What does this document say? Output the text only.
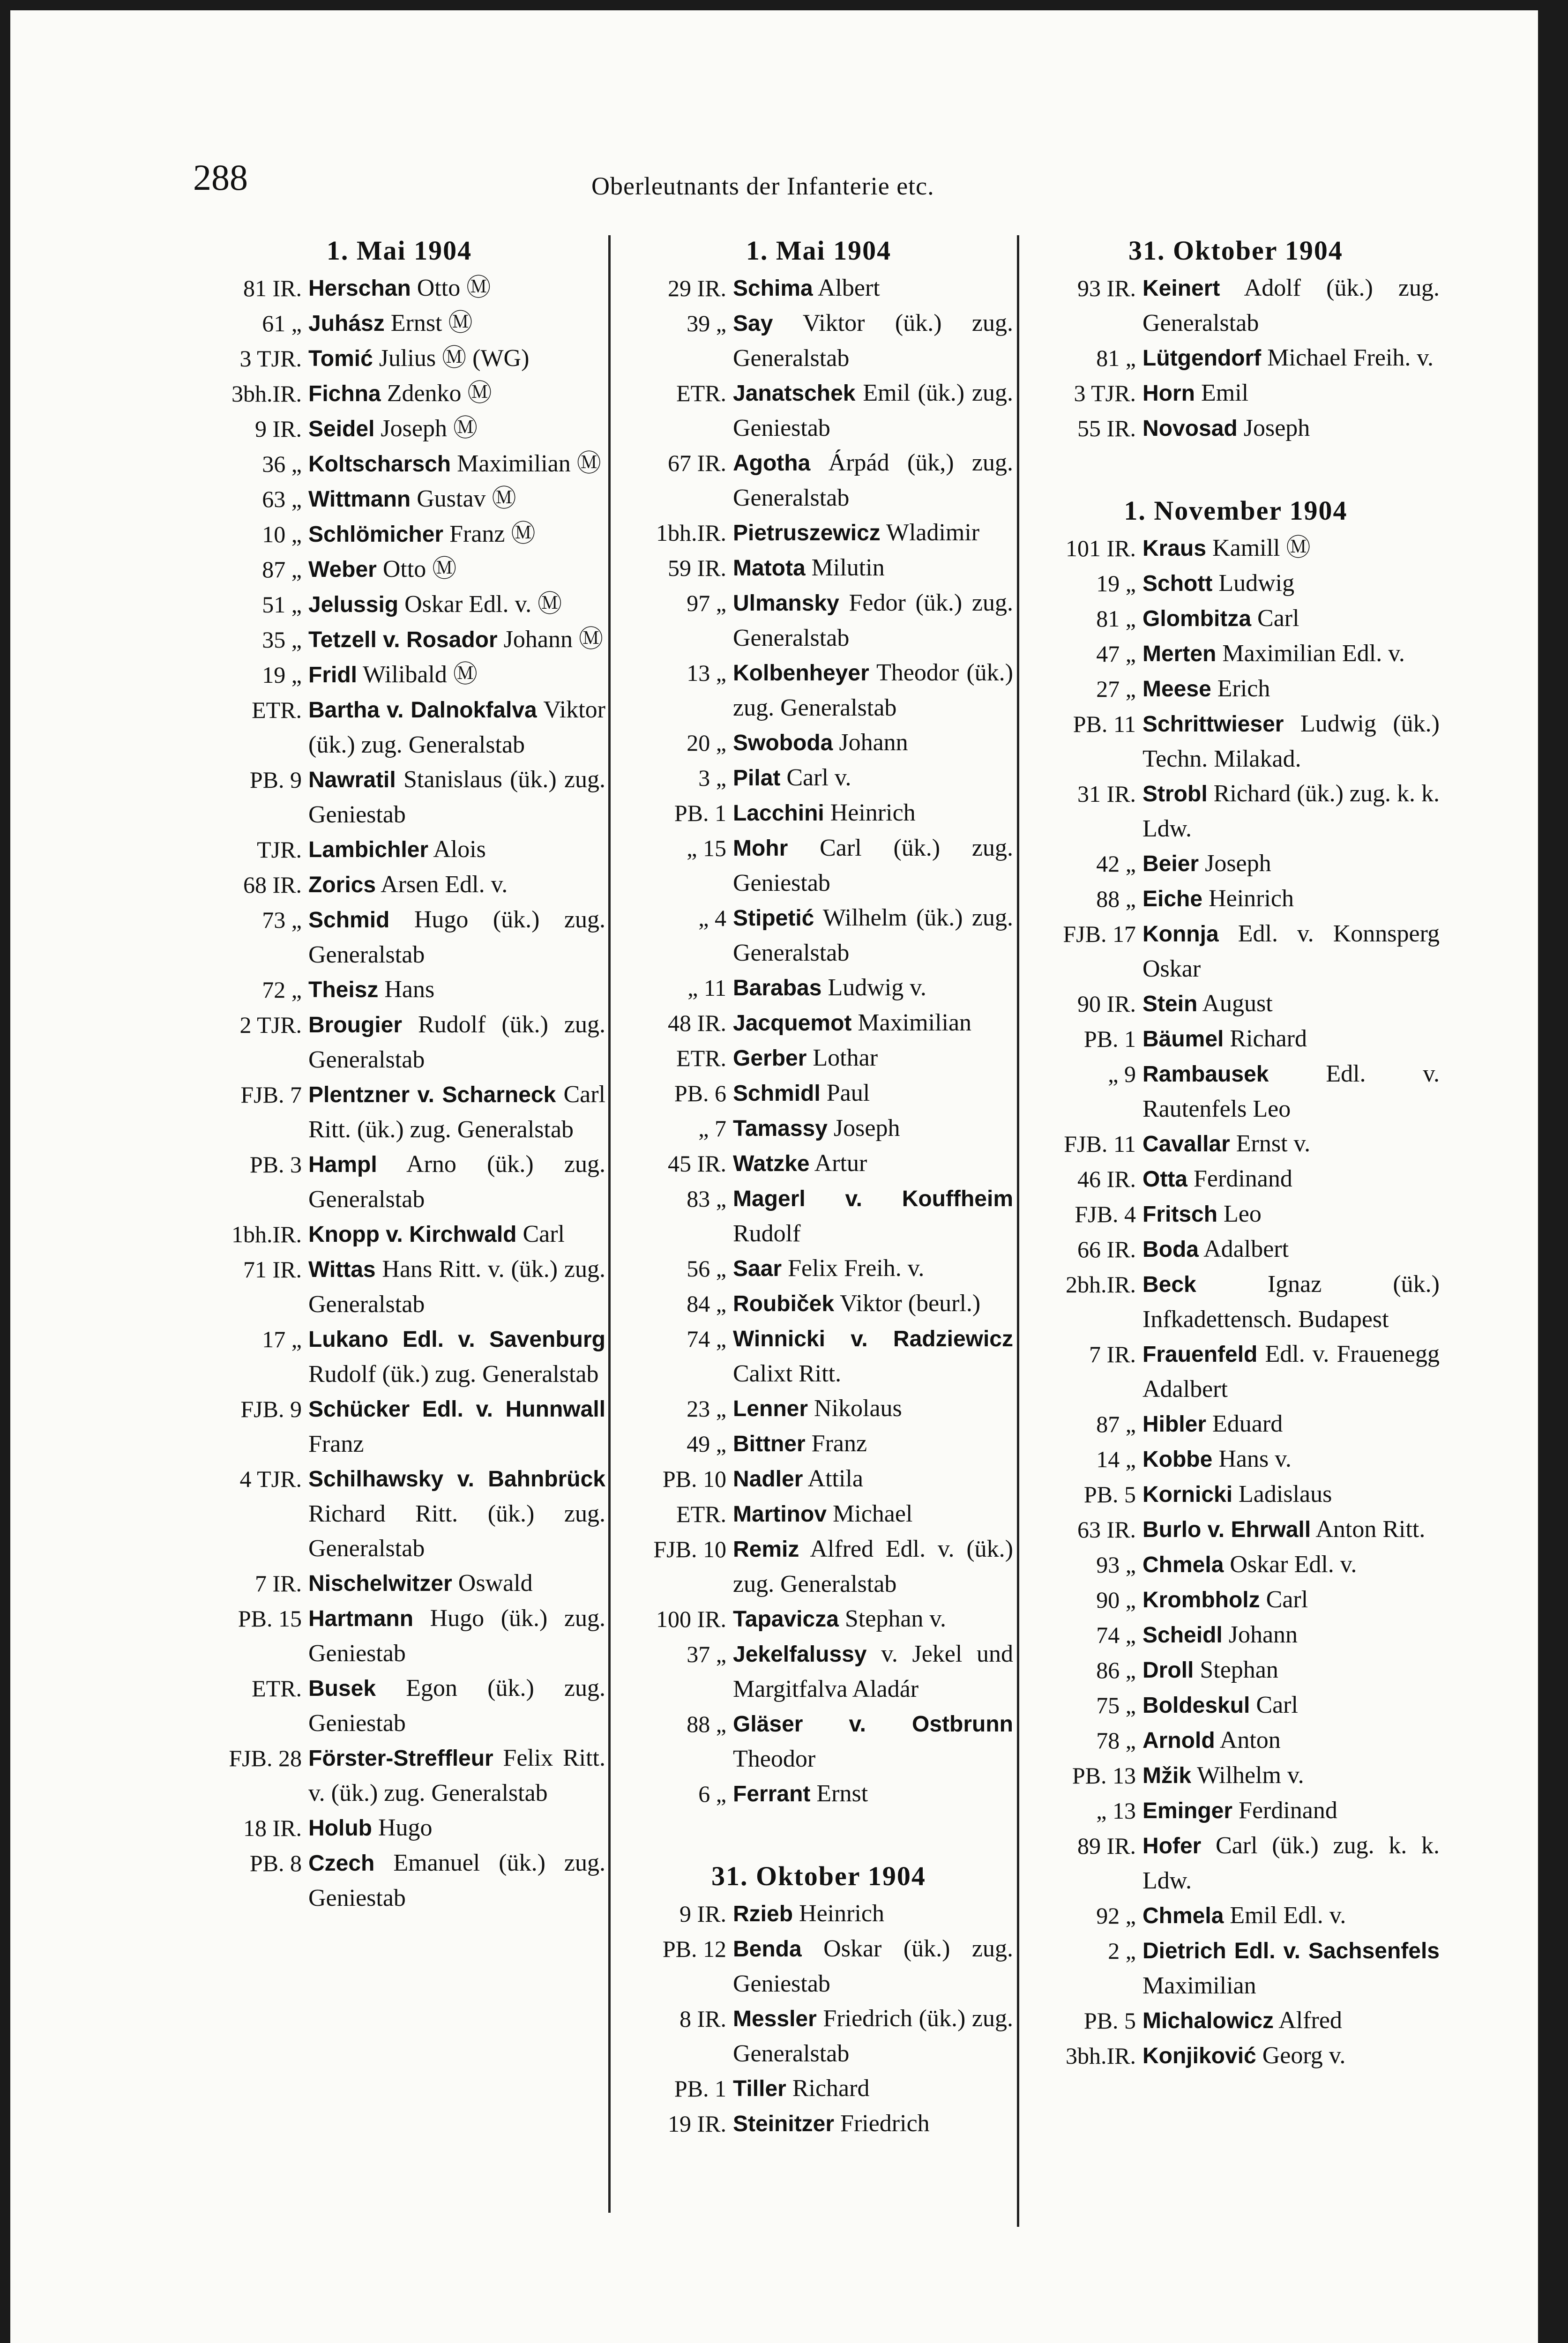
288	Oberleutnants der Infanterie etc.
1. Mai 1904
81 IR. Herschan Otto Ⓜ
61 „ Juhász Ernst Ⓜ
3 TJR. Tomić Julius Ⓜ (WG)
3bh.IR. Fichna Zdenko Ⓜ
9 IR. Seidel Joseph Ⓜ
36 „ Koltscharsch Maximilian Ⓜ
63 „ Wittmann Gustav Ⓜ
10 „ Schlömicher Franz Ⓜ
87 „ Weber Otto Ⓜ
51 „ Jelussig Oskar Edl. v. Ⓜ
35 „ Tetzell v. Rosador Johann Ⓜ
19 „ Fridl Wilibald Ⓜ
ETR. Bartha v. Dalnokfalva Viktor (ük.) zug. Generalstab
PB. 9 Nawratil Stanislaus (ük.) zug. Geniestab
TJR. Lambichler Alois
68 IR. Zorics Arsen Edl. v.
73 „ Schmid Hugo (ük.) zug. Generalstab
72 „ Theisz Hans
2 TJR. Brougier Rudolf (ük.) zug. Generalstab
FJB. 7 Plentzner v. Scharneck Carl Ritt. (ük.) zug. Generalstab
PB. 3 Hampl Arno (ük.) zug. Generalstab
1bh.IR. Knopp v. Kirchwald Carl
71 IR. Wittas Hans Ritt. v. (ük.) zug. Generalstab
17 „ Lukano Edl. v. Savenburg Rudolf (ük.) zug. Generalstab
FJB. 9 Schücker Edl. v. Hunnwall Franz
4 TJR. Schilhawsky v. Bahnbrück Richard Ritt. (ük.) zug. Generalstab
7 IR. Nischelwitzer Oswald
PB. 15 Hartmann Hugo (ük.) zug. Geniestab
ETR. Busek Egon (ük.) zug. Geniestab
FJB. 28 Förster-Streffleur Felix Ritt. v. (ük.) zug. Generalstab
18 IR. Holub Hugo
PB. 8 Czech Emanuel (ük.) zug. Geniestab
1. Mai 1904
29 IR. Schima Albert
39 „ Say Viktor (ük.) zug. Generalstab
ETR. Janatschek Emil (ük.) zug. Geniestab
67 IR. Agotha Árpád (ük,) zug. Generalstab
1bh.IR. Pietruszewicz Wladimir
59 IR. Matota Milutin
97 „ Ulmansky Fedor (ük.) zug. Generalstab
13 „ Kolbenheyer Theodor (ük.) zug. Generalstab
20 „ Swoboda Johann
3 „ Pilat Carl v.
PB. 1 Lacchini Heinrich
„ 15 Mohr Carl (ük.) zug. Geniestab
„ 4 Stipetić Wilhelm (ük.) zug. Generalstab
„ 11 Barabas Ludwig v.
48 IR. Jacquemot Maximilian
ETR. Gerber Lothar
PB. 6 Schmidl Paul
„ 7 Tamassy Joseph
45 IR. Watzke Artur
83 „ Magerl v. Kouffheim Rudolf
56 „ Saar Felix Freih. v.
84 „ Roubiček Viktor (beurl.)
74 „ Winnicki v. Radziewicz Calixt Ritt.
23 „ Lenner Nikolaus
49 „ Bittner Franz
PB. 10 Nadler Attila
ETR. Martinov Michael
FJB. 10 Remiz Alfred Edl. v. (ük.) zug. Generalstab
100 IR. Tapavicza Stephan v.
37 „ Jekelfalussy v. Jekel und Margitfalva Aladár
88 „ Gläser v. Ostbrunn Theodor
6 „ Ferrant Ernst
31. Oktober 1904
9 IR. Rzieb Heinrich
PB. 12 Benda Oskar (ük.) zug. Geniestab
8 IR. Messler Friedrich (ük.) zug. Generalstab
PB. 1 Tiller Richard
19 IR. Steinitzer Friedrich
31. Oktober 1904
93 IR. Keinert Adolf (ük.) zug. Generalstab
81 „ Lütgendorf Michael Freih. v.
3 TJR. Horn Emil
55 IR. Novosad Joseph
1. November 1904
101 IR. Kraus Kamill Ⓜ
19 „ Schott Ludwig
81 „ Glombitza Carl
47 „ Merten Maximilian Edl. v.
27 „ Meese Erich
PB. 11 Schrittwieser Ludwig (ük.) Techn. Milakad.
31 IR. Strobl Richard (ük.) zug. k. k. Ldw.
42 „ Beier Joseph
88 „ Eiche Heinrich
FJB. 17 Konnja Edl. v. Konnsperg Oskar
90 IR. Stein August
PB. 1 Bäumel Richard
„ 9 Rambausek Edl. v. Rautenfels Leo
FJB. 11 Cavallar Ernst v.
46 IR. Otta Ferdinand
FJB. 4 Fritsch Leo
66 IR. Boda Adalbert
2bh.IR. Beck Ignaz (ük.) Infkadettensch. Budapest
7 IR. Frauenfeld Edl. v. Frauenegg Adalbert
87 „ Hibler Eduard
14 „ Kobbe Hans v.
PB. 5 Kornicki Ladislaus
63 IR. Burlo v. Ehrwall Anton Ritt.
93 „ Chmela Oskar Edl. v.
90 „ Krombholz Carl
74 „ Scheidl Johann
86 „ Droll Stephan
75 „ Boldeskul Carl
78 „ Arnold Anton
PB. 13 Mžik Wilhelm v.
„ 13 Eminger Ferdinand
89 IR. Hofer Carl (ük.) zug. k. k. Ldw.
92 „ Chmela Emil Edl. v.
2 „ Dietrich Edl. v. Sachsenfels Maximilian
PB. 5 Michalowicz Alfred
3bh.IR. Konjiković Georg v.
